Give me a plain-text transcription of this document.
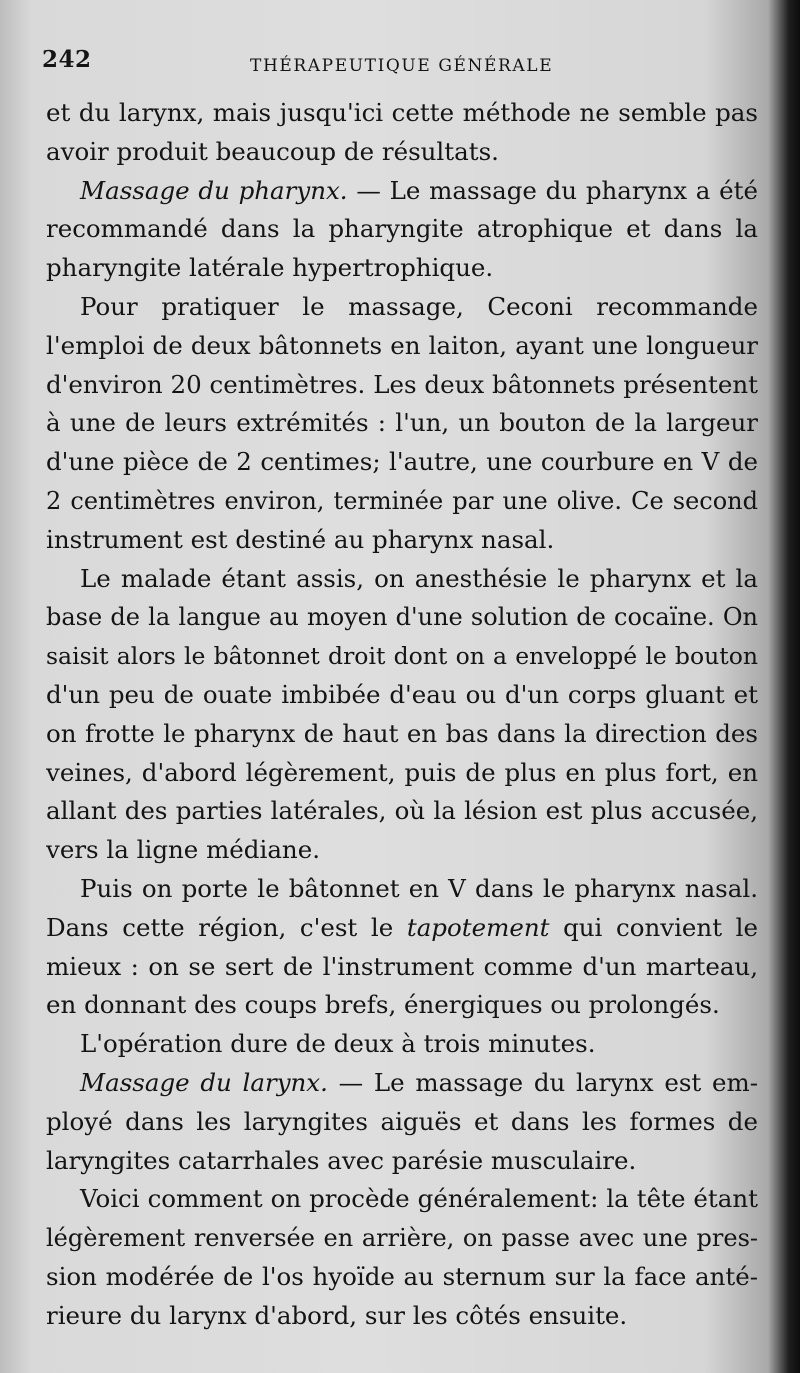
242	THÉRAPEUTIQUE GÉNÉRALE
et du larynx, mais jusqu'ici cette méthode ne semble pas
avoir produit beaucoup de résultats.
Massage du pharynx. — Le massage du pharynx a été
recommandé dans la pharyngite atrophique et dans la
pharyngite latérale hypertrophique.
Pour pratiquer le massage, Ceconi recommande
l'emploi de deux bâtonnets en laiton, ayant une longueur
d'environ 20 centimètres. Les deux bâtonnets présentent
à une de leurs extrémités : l'un, un bouton de la largeur
d'une pièce de 2 centimes; l'autre, une courbure en V de
2 centimètres environ, terminée par une olive. Ce second
instrument est destiné au pharynx nasal.
Le malade étant assis, on anesthésie le pharynx et la
base de la langue au moyen d'une solution de cocaïne. On
saisit alors le bâtonnet droit dont on a enveloppé le bouton
d'un peu de ouate imbibée d'eau ou d'un corps gluant et
on frotte le pharynx de haut en bas dans la direction des
veines, d'abord légèrement, puis de plus en plus fort, en
allant des parties latérales, où la lésion est plus accusée,
vers la ligne médiane.
Puis on porte le bâtonnet en V dans le pharynx nasal.
Dans cette région, c'est le tapotement qui convient le
mieux : on se sert de l'instrument comme d'un marteau,
en donnant des coups brefs, énergiques ou prolongés.
L'opération dure de deux à trois minutes.
Massage du larynx. — Le massage du larynx est em-
ployé dans les laryngites aiguës et dans les formes de
laryngites catarrhales avec parésie musculaire.
Voici comment on procède généralement: la tête étant
légèrement renversée en arrière, on passe avec une pres-
sion modérée de l'os hyoïde au sternum sur la face anté-
rieure du larynx d'abord, sur les côtés ensuite.
